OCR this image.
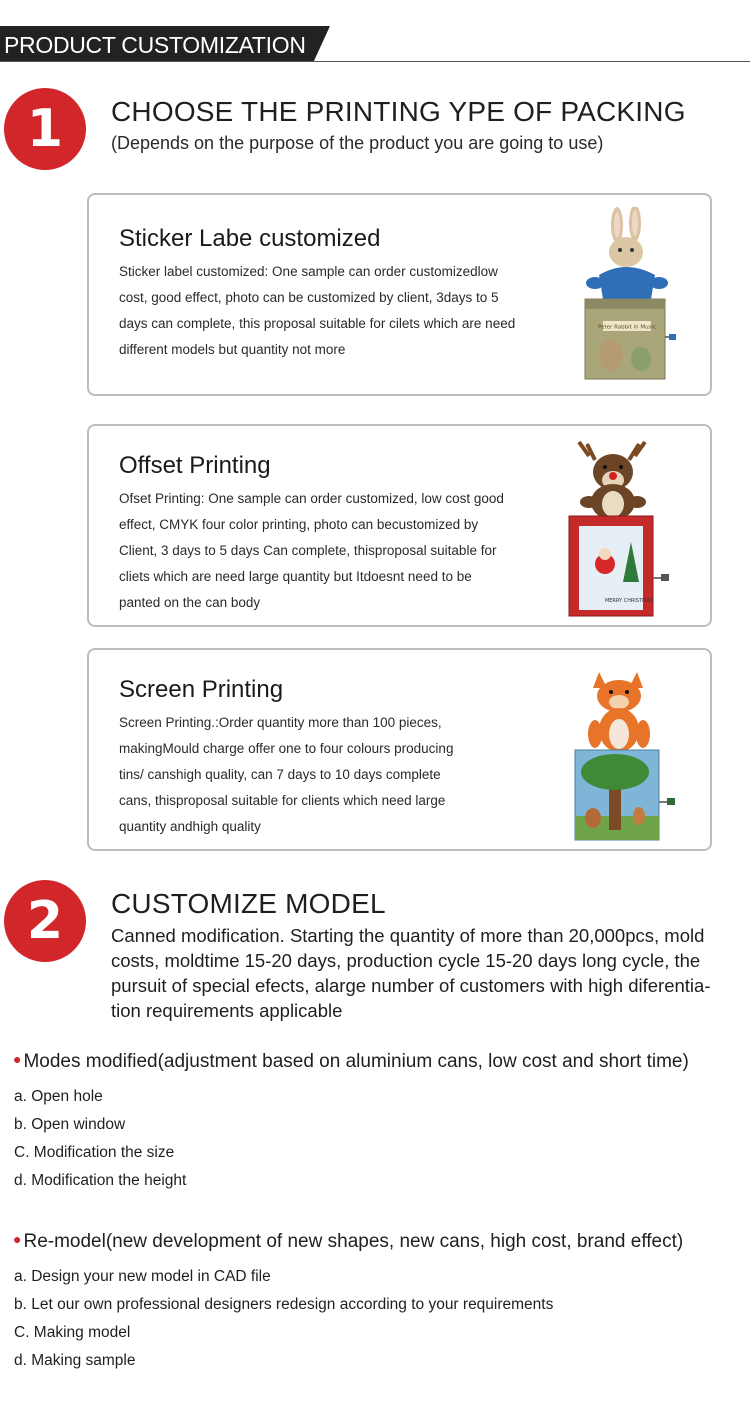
PRODUCT CUSTOMIZATION
1	CHOOSE THE PRINTING YPE OF PACKING
(Depends on the purpose of the product you are going to use)
Sticker Labe customized
Sticker label customized: One sample can order customizedlow
cost, good effect, photo can be customized by client, 3days to 5
days can complete, this proposal suitable for cilets which are need
different models but quantity not more
Peter Rabbit in Music
Offset Printing
Ofset Printing: One sample can order customized, low cost good
effect, CMYK four color printing, photo can becustomized by
Client, 3 days to 5 days Can complete, thisproposal suitable for
cliets which are need large quantity but Itdoesnt need to be
panted on the can body	MERRY CHRISTMAS
Screen Printing
Screen Printing.:Order quantity more than 100 pieces,
makingMould charge offer one to four colours producing
tins/ canshigh quality, can 7 days to 10 days complete
cans, thisproposal suitable for clients which need large
quantity andhigh quality
2	CUSTOMIZE MODEL
Canned modification. Starting the quantity of more than 20,000pcs, mold
costs, moldtime 15-20 days, production cycle 15-20 days long cycle, the
pursuit of special efects, alarge number of customers with high diferentia-
tion requirements applicable
● Modes modified(adjustment based on aluminium cans, low cost and short time)
a. Open hole
b. Open window
C. Modification the size
d. Modification the height
● Re-model(new development of new shapes, new cans, high cost, brand effect)
a. Design your new model in CAD file
b. Let our own professional designers redesign according to your requirements
C. Making model
d. Making sample
